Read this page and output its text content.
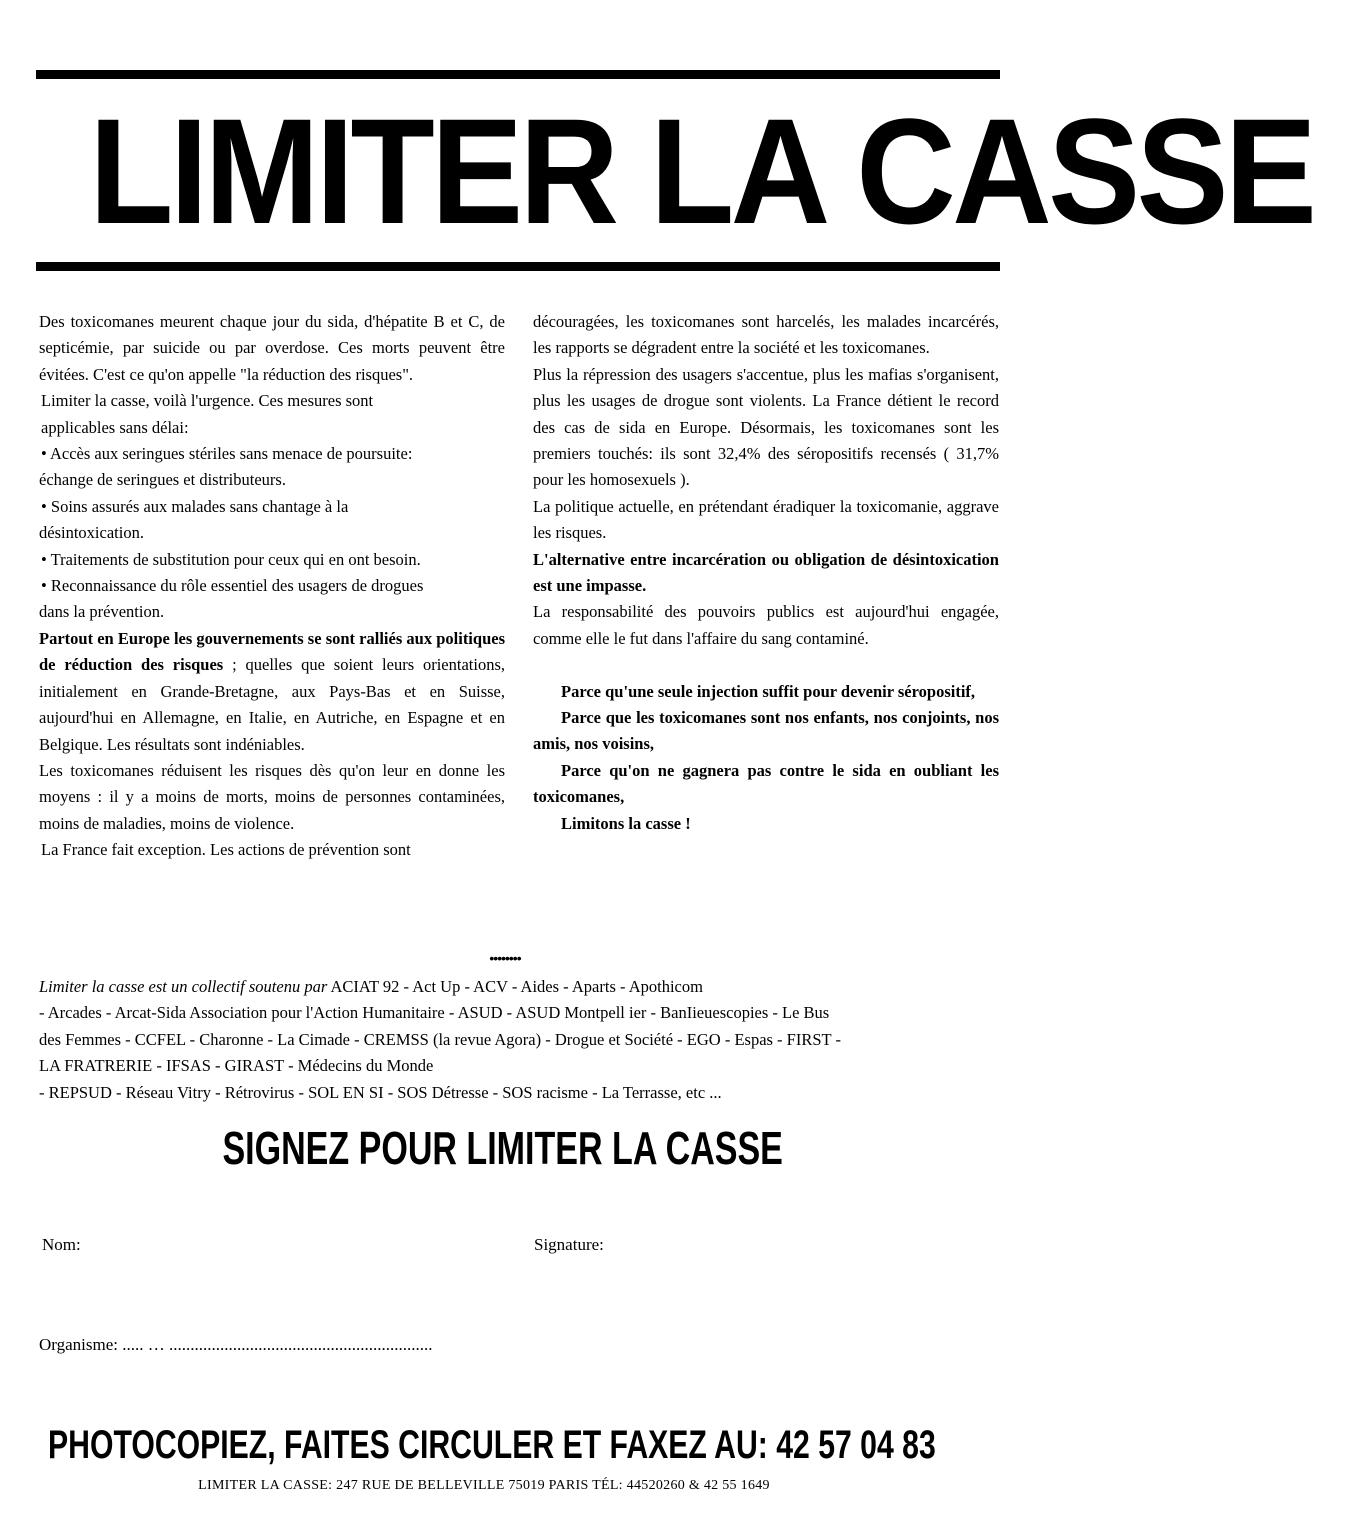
LIMITER LA CASSE

Des toxicomanes meurent chaque jour du sida, d'hépatite B et C, de septicémie, par suicide ou par overdose. Ces morts peuvent être évitées. C'est ce qu'on appelle "la réduction des risques".

Limiter la casse, voilà l'urgence. Ces mesures sont

applicables sans délai:

• Accès aux seringues stériles sans menace de poursuite:

échange de seringues et distributeurs.

• Soins assurés aux malades sans chantage à la

désintoxication.

• Traitements de substitution pour ceux qui en ont besoin.

• Reconnaissance du rôle essentiel des usagers de drogues

dans la prévention.

Partout en Europe les gouvernements se sont ralliés aux politiques de réduction des risques ; quelles que soient leurs orientations, initialement en Grande-Bretagne, aux Pays-Bas et en Suisse, aujourd'hui en Allemagne, en Italie, en Autriche, en Espagne et en Belgique. Les résultats sont indéniables.

Les toxicomanes réduisent les risques dès qu'on leur en donne les moyens : il y a moins de morts, moins de personnes contaminées, moins de maladies, moins de violence.

La France fait exception. Les actions de prévention sont

découragées, les toxicomanes sont harcelés, les malades incarcérés, les rapports se dégradent entre la société et les toxicomanes.

Plus la répression des usagers s'accentue, plus les mafias s'organisent, plus les usages de drogue sont violents. La France détient le record des cas de sida en Europe. Désormais, les toxicomanes sont les premiers touchés: ils sont 32,4% des séropositifs recensés ( 31,7% pour les homosexuels ).

La politique actuelle, en prétendant éradiquer la toxicomanie, aggrave les risques.

L'alternative entre incarcération ou obligation de désintoxication est une impasse.

La responsabilité des pouvoirs publics est aujourd'hui engagée, comme elle le fut dans l'affaire du sang contaminé.

Parce qu'une seule injection suffit pour devenir séropositif,

Parce que les toxicomanes sont nos enfants, nos conjoints, nos amis, nos voisins,

Parce qu'on ne gagnera pas contre le sida en oubliant les toxicomanes,

Limitons la casse !

••••••••
Limiter la casse est un collectif soutenu par ACIAT 92 - Act Up - ACV - Aides - Aparts - Apothicom
- Arcades - Arcat-Sida Association pour l'Action Humanitaire - ASUD - ASUD Montpell ier - BanIieuescopies - Le Bus
des Femmes - CCFEL - Charonne - La Cimade - CREMSS (la revue Agora) - Drogue et Société - EGO - Espas - FIRST -
LA FRATRERIE - IFSAS - GIRAST - Médecins du Monde
- REPSUD - Réseau Vitry - Rétrovirus - SOL EN SI - SOS Détresse - SOS racisme - La Terrasse, etc ...
SIGNEZ POUR LIMITER LA CASSE
Nom:	Signature:
Organisme: ..... … ..............................................................
PHOTOCOPIEZ, FAITES CIRCULER ET FAXEZ AU: 42 57 04 83
LIMITER LA CASSE: 247 RUE DE BELLEVILLE 75019 PARIS TÉL: 44520260 & 42 55 1649
